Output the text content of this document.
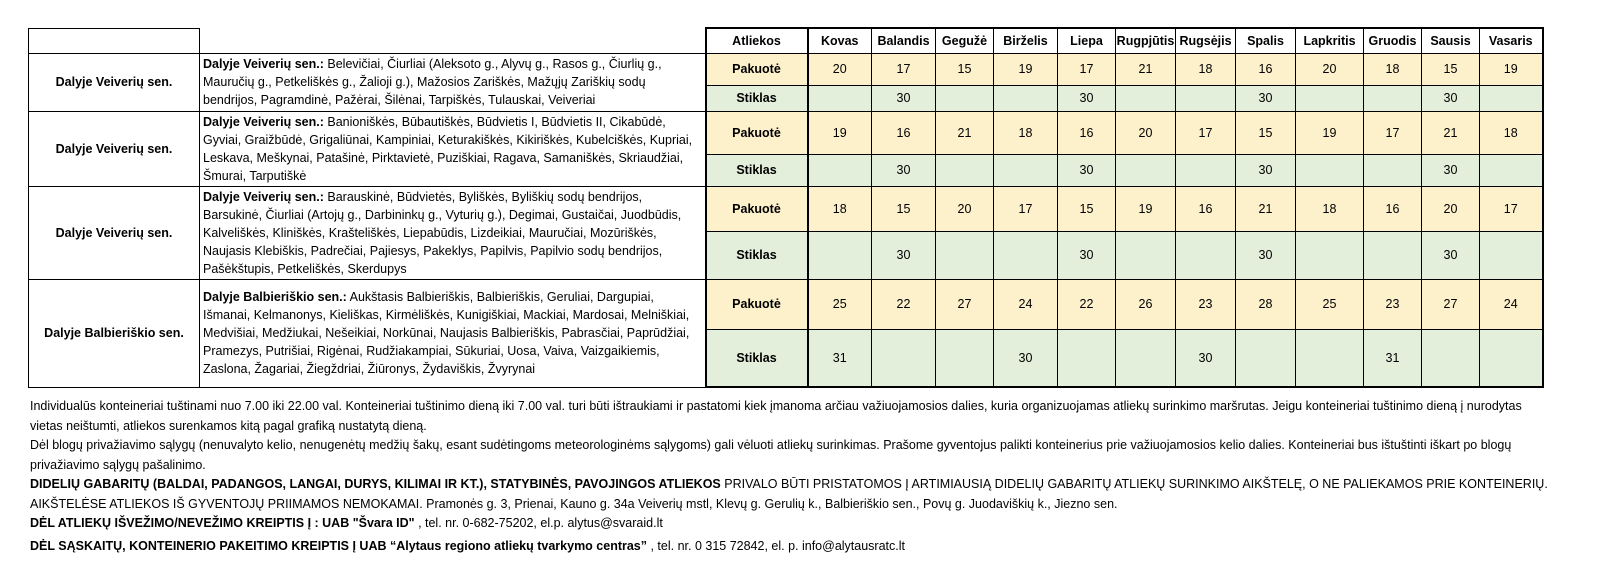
		Atliekos	Kovas	Balandis	Gegužė	Birželis	Liepa	Rugpjūtis	Rugsėjis	Spalis	Lapkritis	Gruodis	Sausis	Vasaris
Dalyje Veiverių sen.	Dalyje Veiverių sen.: Belevičiai, Čiurliai (Aleksoto g., Alyvų g., Rasos g., Čiurlių g., Mauručių g., Petkeliškės g., Žalioji g.), Mažosios Zariškės, Mažųjų Zariškių sodų bendrijos, Pagramdinė, Pažėrai, Šilėnai, Tarpiškės, Tulauskai, Veiveriai	Pakuotė	20	17	15	19	17	21	18	16	20	18	15	19
		Stiklas		30			30			30			30	
Dalyje Veiverių sen.	Dalyje Veiverių sen.: Banioniškės, Būbautiškės, Būdvietis I, Būdvietis II, Cikabūdė, Gyviai, Graižbūdė, Grigaliūnai, Kampiniai, Keturakiškės, Kikiriškės, Kubelciškės, Kupriai, Leskava, Meškynai, Patašinė, Pirktavietė, Puziškiai, Ragava, Samaniškės, Skriaudžiai, Šmurai, Tarputiškė	Pakuotė	19	16	21	18	16	20	17	15	19	17	21	18
		Stiklas		30			30			30			30	
Dalyje Veiverių sen.	Dalyje Veiverių sen.: Barauskinė, Būdvietės, Byliškės, Byliškių sodų bendrijos, Barsukinė, Čiurliai (Artojų g., Darbininkų g., Vyturių g.), Degimai, Gustaičai, Juodbūdis, Kalveliškės, Kliniškės, Krašteliškės, Liepabūdis, Lizdeikiai, Mauručiai, Mozūriškės, Naujasis Klebiškis, Padrečiai, Pajiesys, Pakeklys, Papilvis, Papilvio sodų bendrijos, Pašėkštupis, Petkeliškės, Skerdupys	Pakuotė	18	15	20	17	15	19	16	21	18	16	20	17
		Stiklas		30			30			30			30	
Dalyje Balbieriškio sen.	Dalyje Balbieriškio sen.: Aukštasis Balbieriškis, Balbieriškis, Geruliai, Dargupiai, Išmanai, Kelmanonys, Kieliškas, Kirmėliškės, Kunigiškiai, Mackiai, Mardosai, Melniškiai, Medvišiai, Medžiukai, Nešeikiai, Norkūnai, Naujasis Balbieriškis, Pabrasčiai, Paprūdžiai, Pramezys, Putrišiai, Rigėnai, Rudžiakampiai, Sūkuriai, Uosa, Vaiva, Vaizgaikiemis, Zaslona, Žagariai, Žiegždriai, Žiūronys, Žydaviškis, Žvyrynai	Pakuotė	25	22	27	24	22	26	23	28	25	23	27	24
		Stiklas	31			30			30			31		

Individualūs konteineriai tuštinami nuo 7.00 iki 22.00 val. Konteineriai tuštinimo dieną iki 7.00 val. turi būti ištraukiami ir pastatomi kiek įmanoma arčiau važiuojamosios dalies, kuria organizuojamas atliekų surinkimo maršrutas. Jeigu konteineriai tuštinimo dieną į nurodytas vietas neištumti, atliekos surenkamos kitą pagal grafiką nustatytą dieną.

Dėl blogų privažiavimo sąlygų (nenuvalyto kelio, nenugenėtų medžių šakų, esant sudėtingoms meteorologinėms sąlygoms) gali vėluoti atliekų surinkimas. Prašome gyventojus palikti konteinerius prie važiuojamosios kelio dalies. Konteineriai bus ištuštinti iškart po blogų privažiavimo sąlygų pašalinimo.

DIDELIŲ GABARITŲ (BALDAI, PADANGOS, LANGAI, DURYS, KILIMAI IR KT.), STATYBINĖS, PAVOJINGOS ATLIEKOS PRIVALO BŪTI PRISTATOMOS Į ARTIMIAUSIĄ DIDELIŲ GABARITŲ ATLIEKŲ SURINKIMO AIKŠTELĘ, O NE PALIEKAMOS PRIE KONTEINERIŲ. AIKŠTELĖSE ATLIEKOS IŠ GYVENTOJŲ PRIIMAMOS NEMOKAMAI. Pramonės g. 3, Prienai, Kauno g. 34a Veiverių mstl, Klevų g. Gerulių k., Balbieriškio sen., Povų g. Juodaviškių k., Jiezno sen.

DĖL ATLIEKŲ IŠVEŽIMO/NEVEŽIMO KREIPTIS Į : UAB "Švara ID" , tel. nr. 0-682-75202, el.p. alytus@svaraid.lt

DĖL SĄSKAITŲ, KONTEINERIO PAKEITIMO KREIPTIS Į UAB “Alytaus regiono atliekų tvarkymo centras” , tel. nr. 0 315 72842, el. p. info@alytausratc.lt
